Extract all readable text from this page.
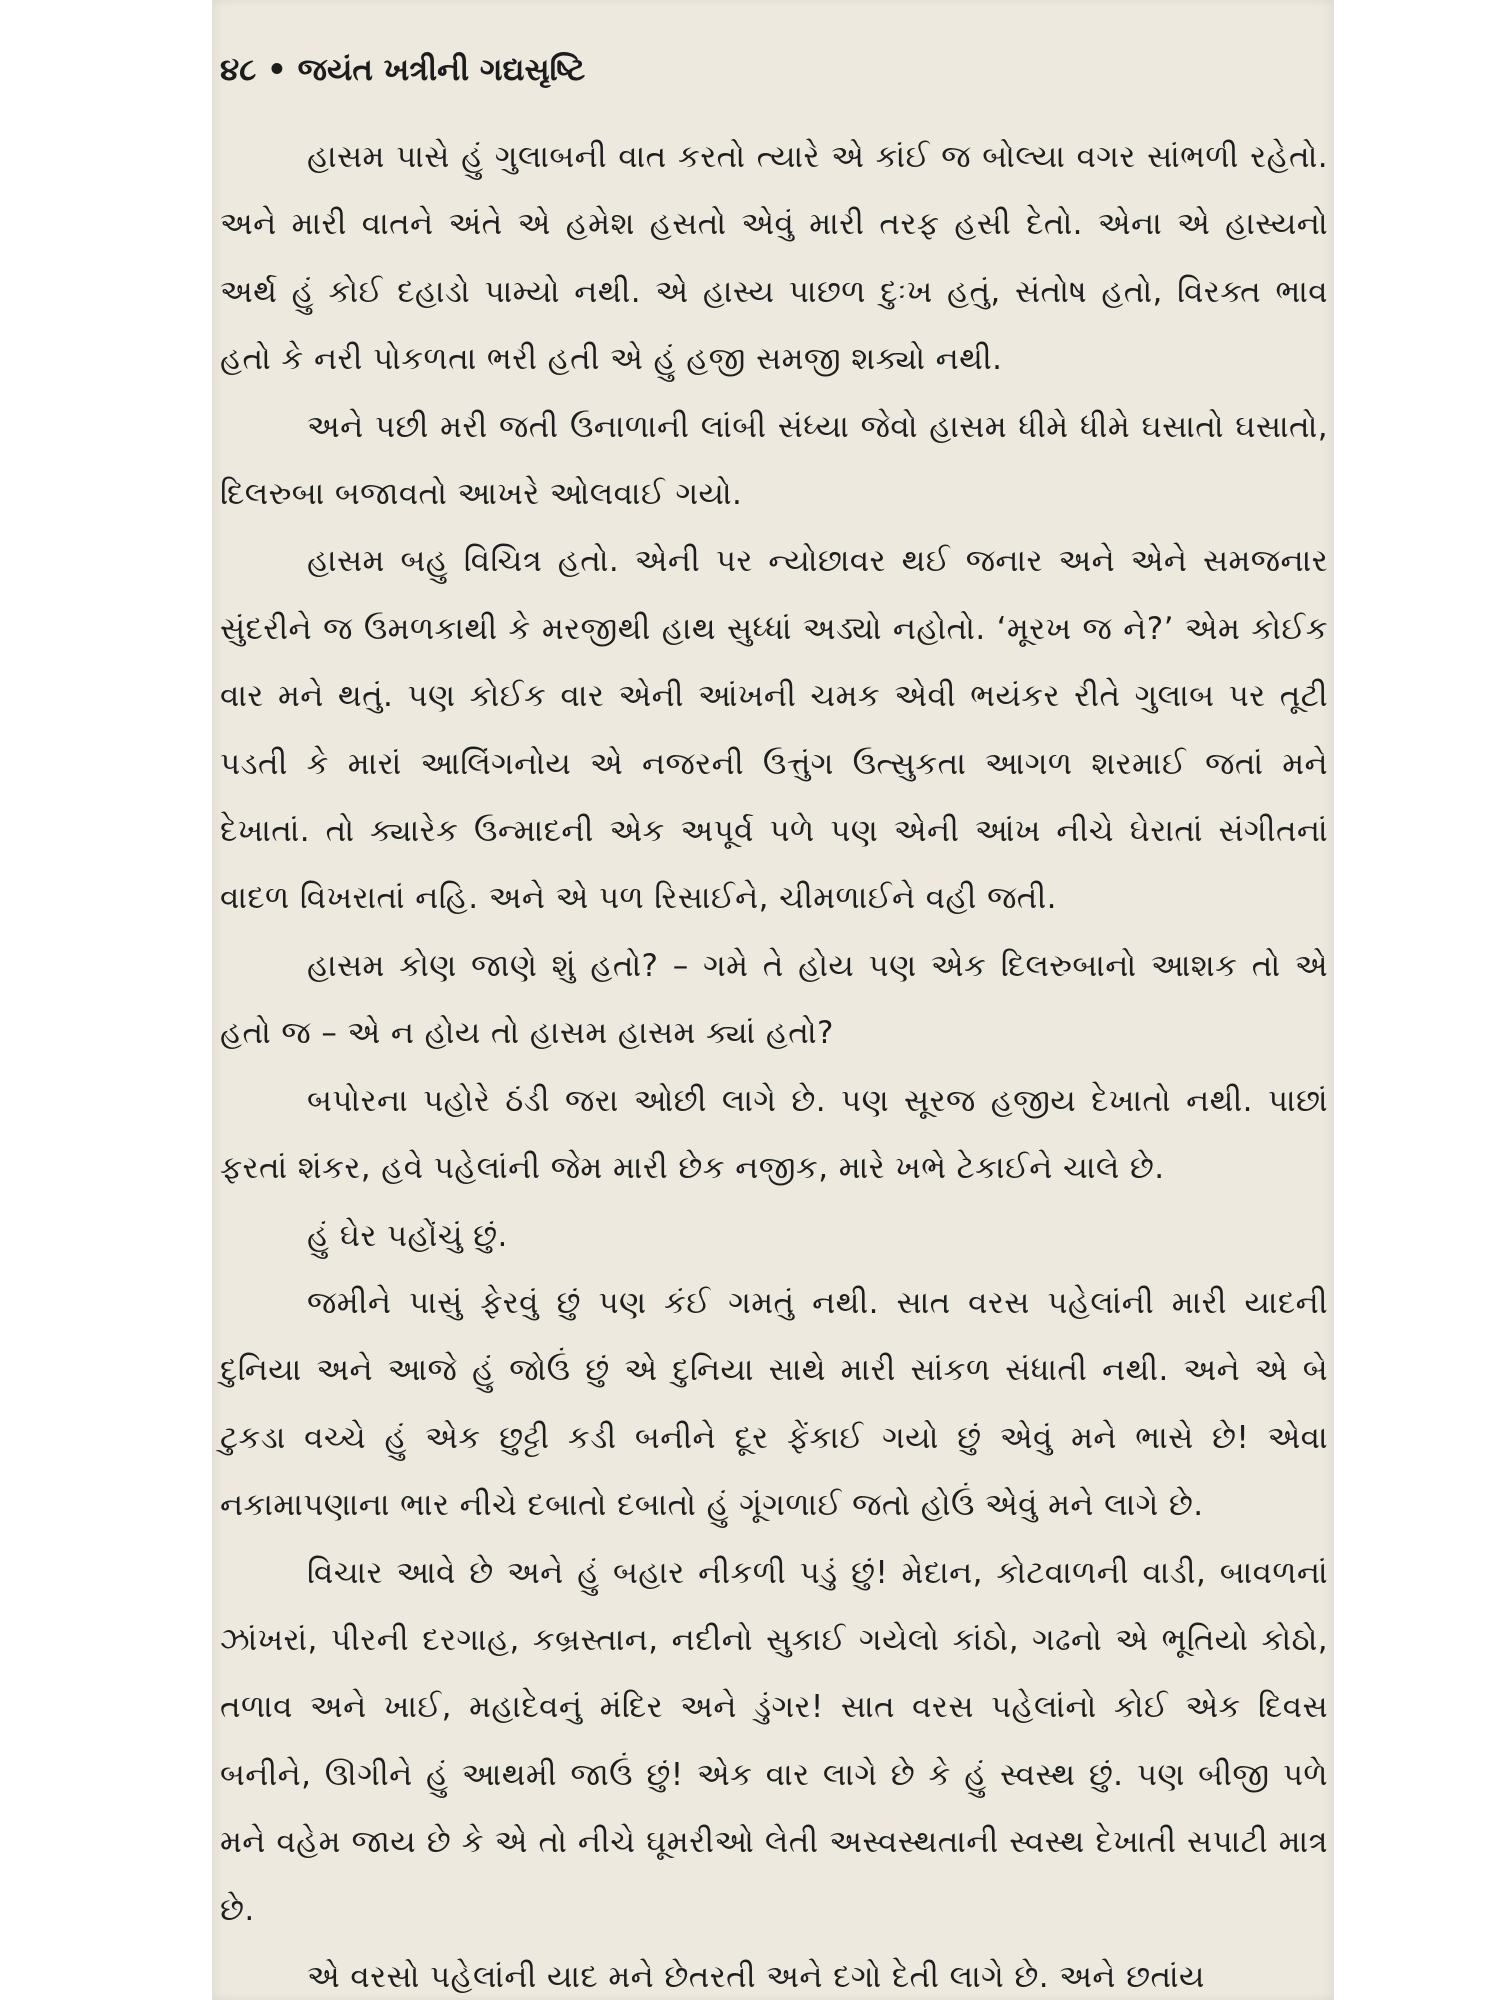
૪૮ • જયંત ખત્રીની ગદ્યસૃષ્ટિ

હાસમ પાસે હું ગુલાબની વાત કરતો ત્યારે એ કાંઈ જ બોલ્યા વગર સાંભળી રહેતો. અને મારી વાતને અંતે એ હમેશ હસતો એવું મારી તરફ હસી દેતો. એના એ હાસ્યનો અર્થ હું કોઈ દહાડો પામ્યો નથી. એ હાસ્ય પાછળ દુઃખ હતું, સંતોષ હતો, વિરક્ત ભાવ હતો કે નરી પોકળતા ભરી હતી એ હું હજી સમજી શક્યો નથી.

અને પછી મરી જતી ઉનાળાની લાંબી સંધ્યા જેવો હાસમ ધીમે ધીમે ઘસાતો ઘસાતો, દિલરુબા બજાવતો આખરે ઓલવાઈ ગયો.

હાસમ બહુ વિચિત્ર હતો. એની પર ન્યોછાવર થઈ જનાર અને એને સમજનાર સુંદરીને જ ઉમળકાથી કે મરજીથી હાથ સુધ્ધાં અડ્યો નહોતો. ‘મૂરખ જ ને?’ એમ કોઈક વાર મને થતું. પણ કોઈક વાર એની આંખની ચમક એવી ભયંકર રીતે ગુલાબ પર તૂટી પડતી કે મારાં આલિંગનોય એ નજરની ઉત્તુંગ ઉત્સુકતા આગળ શરમાઈ જતાં મને દેખાતાં. તો ક્યારેક ઉન્માદની એક અપૂર્વ પળે પણ એની આંખ નીચે ઘેરાતાં સંગીતનાં વાદળ વિખરાતાં નહિ. અને એ પળ રિસાઈને, ચીમળાઈને વહી જતી.

હાસમ કોણ જાણે શું હતો? – ગમે તે હોય પણ એક દિલરુબાનો આશક તો એ હતો જ – એ ન હોય તો હાસમ હાસમ ક્યાં હતો?

બપોરના પહોરે ઠંડી જરા ઓછી લાગે છે. પણ સૂરજ હજીય દેખાતો નથી. પાછાં ફરતાં શંકર, હવે પહેલાંની જેમ મારી છેક નજીક, મારે ખભે ટેકાઈને ચાલે છે.

હું ઘેર પહોંચું છું.

જમીને પાસું ફેરવું છું પણ કંઈ ગમતું નથી. સાત વરસ પહેલાંની મારી યાદની દુનિયા અને આજે હું જોઉં છું એ દુનિયા સાથે મારી સાંકળ સંધાતી નથી. અને એ બે ટુકડા વચ્ચે હું એક છુટ્ટી કડી બનીને દૂર ફેંકાઈ ગયો છું એવું મને ભાસે છે! એવા નકામાપણાના ભાર નીચે દબાતો દબાતો હું ગૂંગળાઈ જતો હોઉં એવું મને લાગે છે.

વિચાર આવે છે અને હું બહાર નીકળી પડું છું! મેદાન, કોટવાળની વાડી, બાવળનાં ઝાંખરાં, પીરની દરગાહ, કબ્રસ્તાન, નદીનો સુકાઈ ગયેલો કાંઠો, ગઢનો એ ભૂતિયો કોઠો, તળાવ અને ખાઈ, મહાદેવનું મંદિર અને ડુંગર! સાત વરસ પહેલાંનો કોઈ એક દિવસ બનીને, ઊગીને હું આથમી જાઉં છું! એક વાર લાગે છે કે હું સ્વસ્થ છું. પણ બીજી પળે મને વહેમ જાય છે કે એ તો નીચે ઘૂમરીઓ લેતી અસ્વસ્થતાની સ્વસ્થ દેખાતી સપાટી માત્ર છે.

એ વરસો પહેલાંની યાદ મને છેતરતી અને દગો દેતી લાગે છે. અને છતાંય
